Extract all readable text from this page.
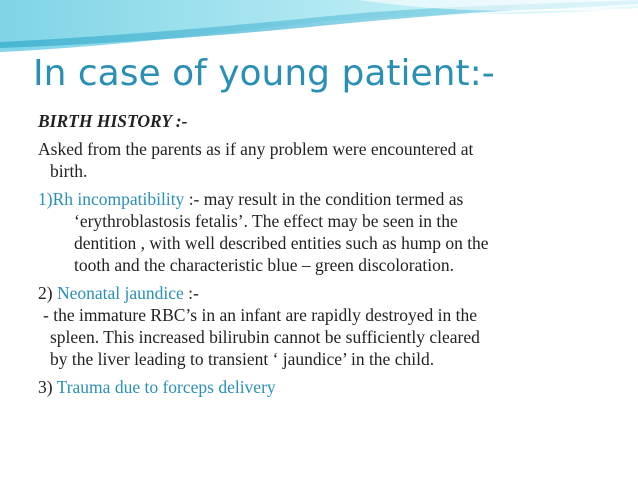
In case of young patient:-

BIRTH HISTORY :-

Asked from the parents as if any problem were encountered at

birth.

1)Rh incompatibility :- may result in the condition termed as

‘erythroblastosis fetalis’. The effect may be seen in the

dentition , with well described entities such as hump on the

tooth and the characteristic blue – green discoloration.

2) Neonatal jaundice :-

- the immature RBC’s in an infant are rapidly destroyed in the

spleen. This increased bilirubin cannot be sufficiently cleared

by the liver leading to transient ‘ jaundice’ in the child.

3) Trauma due to forceps delivery
